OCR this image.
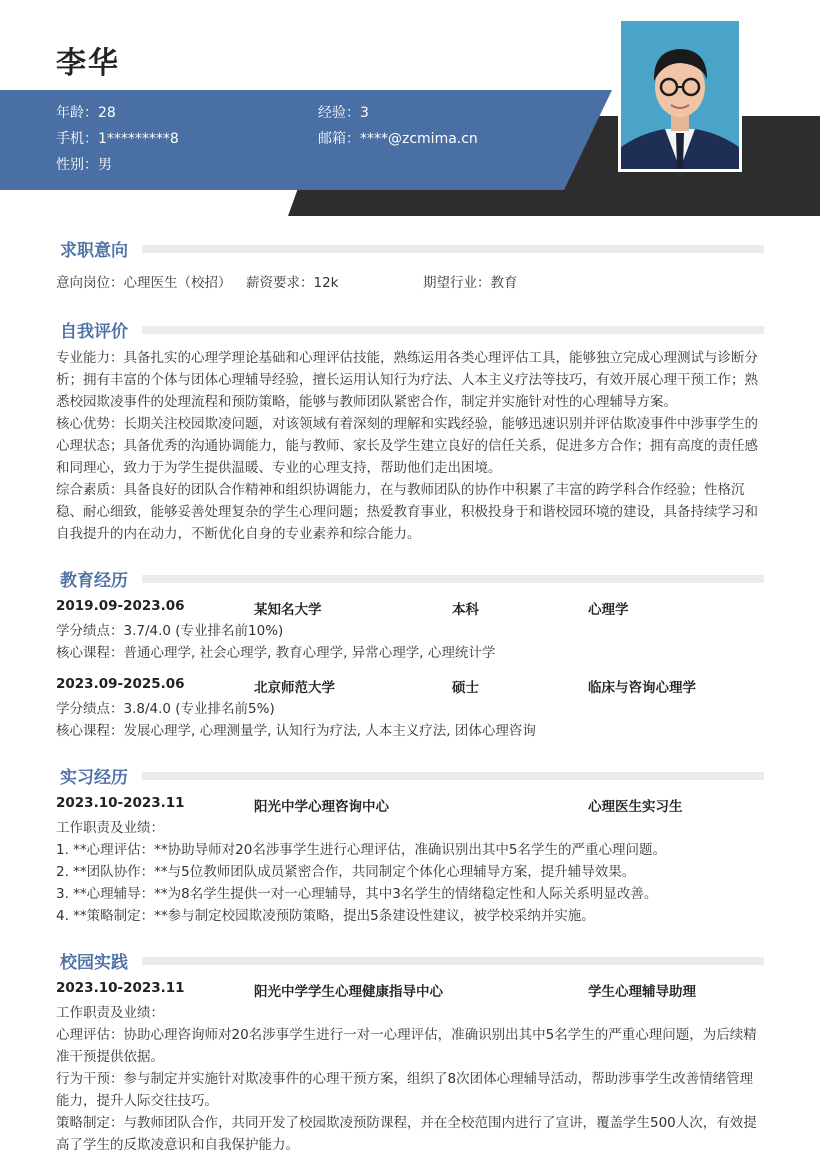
李华
年龄：28	经验：3
手机：1*********8	邮箱：****@zcmima.cn
性别：男
求职意向
意向岗位：心理医生（校招） 薪资要求：12k	期望行业：教育
自我评价

专业能力：具备扎实的心理学理论基础和心理评估技能，熟练运用各类心理评估工具，能够独立完成心理测试与诊断分析；拥有丰富的个体与团体心理辅导经验，擅长运用认知行为疗法、人本主义疗法等技巧，有效开展心理干预工作；熟悉校园欺凌事件的处理流程和预防策略，能够与教师团队紧密合作，制定并实施针对性的心理辅导方案。

核心优势：长期关注校园欺凌问题，对该领域有着深刻的理解和实践经验，能够迅速识别并评估欺凌事件中涉事学生的心理状态；具备优秀的沟通协调能力，能与教师、家长及学生建立良好的信任关系，促进多方合作；拥有高度的责任感和同理心，致力于为学生提供温暖、专业的心理支持，帮助他们走出困境。

综合素质：具备良好的团队合作精神和组织协调能力，在与教师团队的协作中积累了丰富的跨学科合作经验；性格沉稳、耐心细致，能够妥善处理复杂的学生心理问题；热爱教育事业，积极投身于和谐校园环境的建设，具备持续学习和自我提升的内在动力，不断优化自身的专业素养和综合能力。

教育经历
2019.09-2023.06	某知名大学	本科	心理学
学分绩点：3.7/4.0 (专业排名前10%)
核心课程：普通心理学, 社会心理学, 教育心理学, 异常心理学, 心理统计学
2023.09-2025.06	北京师范大学	硕士	临床与咨询心理学
学分绩点：3.8/4.0 (专业排名前5%)
核心课程：发展心理学, 心理测量学, 认知行为疗法, 人本主义疗法, 团体心理咨询
实习经历
2023.10-2023.11	阳光中学心理咨询中心	心理医生实习生
工作职责及业绩：
1. **心理评估：**协助导师对20名涉事学生进行心理评估，准确识别出其中5名学生的严重心理问题。
2. **团队协作：**与5位教师团队成员紧密合作，共同制定个体化心理辅导方案，提升辅导效果。
3. **心理辅导：**为8名学生提供一对一心理辅导，其中3名学生的情绪稳定性和人际关系明显改善。
4. **策略制定：**参与制定校园欺凌预防策略，提出5条建设性建议，被学校采纳并实施。
校园实践
2023.10-2023.11	阳光中学学生心理健康指导中心	学生心理辅导助理
工作职责及业绩：

心理评估：协助心理咨询师对20名涉事学生进行一对一心理评估，准确识别出其中5名学生的严重心理问题，为后续精准干预提供依据。

行为干预：参与制定并实施针对欺凌事件的心理干预方案，组织了8次团体心理辅导活动，帮助涉事学生改善情绪管理能力，提升人际交往技巧。

策略制定：与教师团队合作，共同开发了校园欺凌预防课程，并在全校范围内进行了宣讲，覆盖学生500人次，有效提高了学生的反欺凌意识和自我保护能力。
